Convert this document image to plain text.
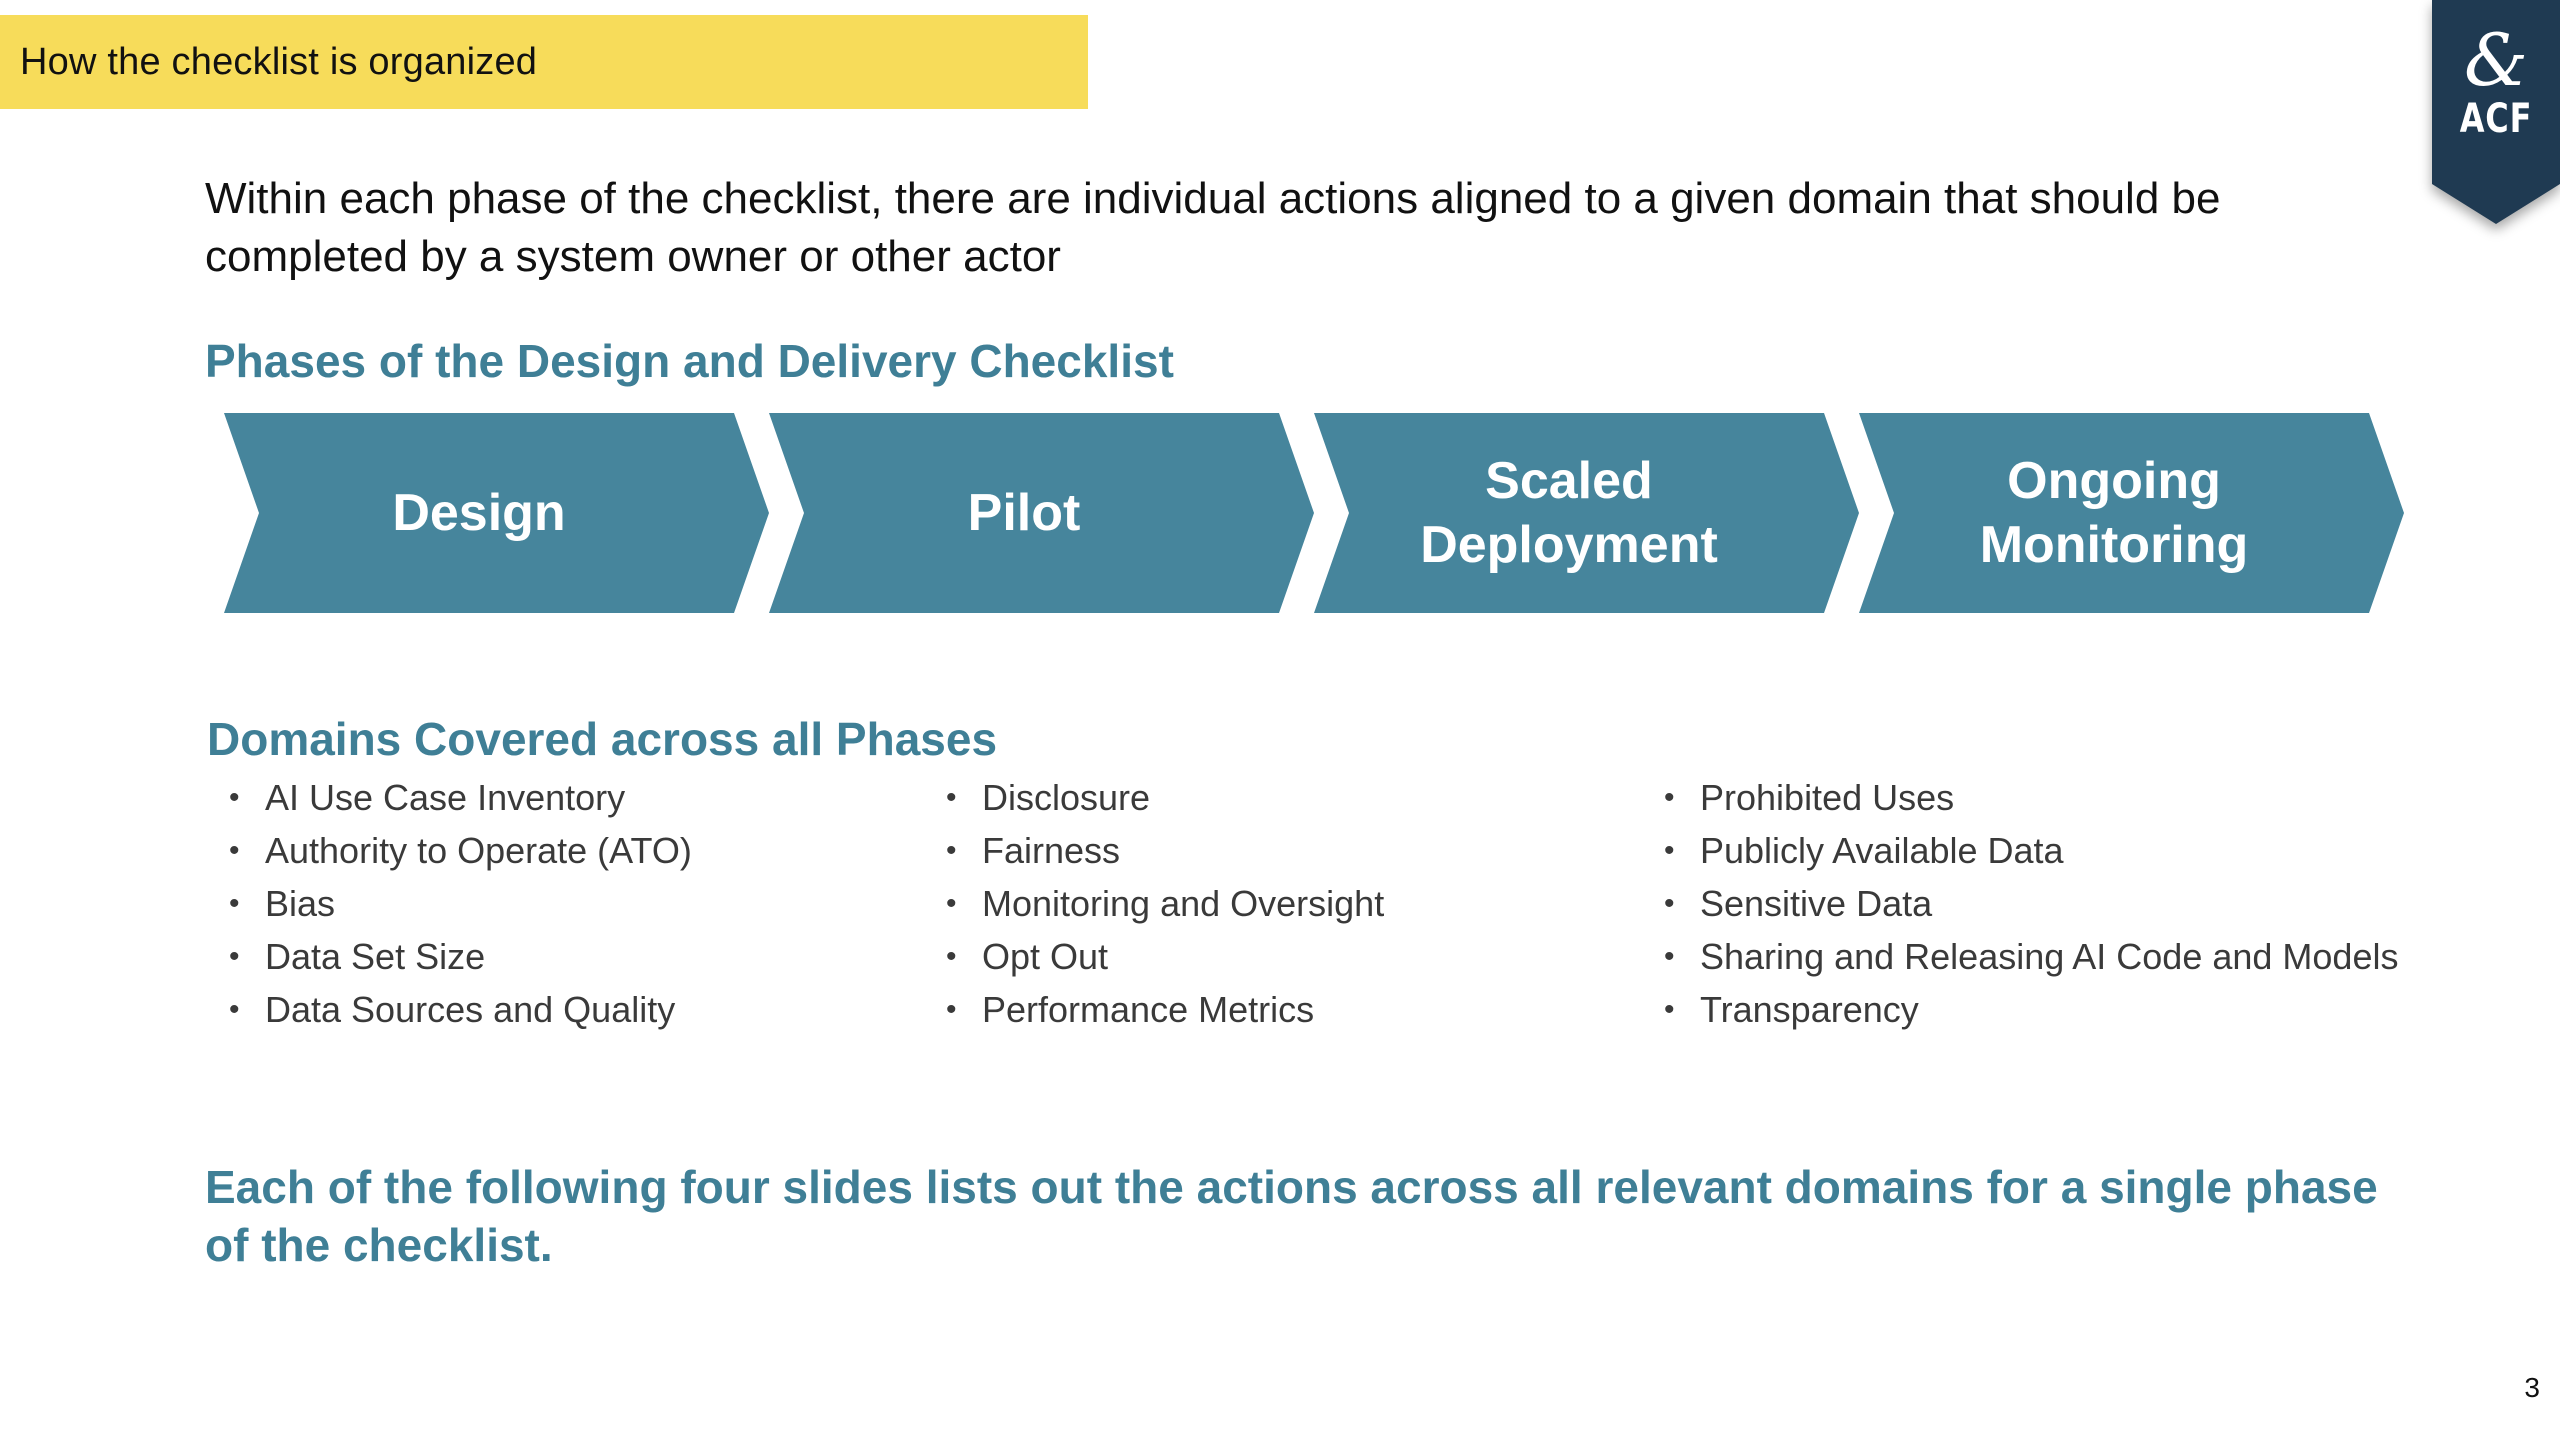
How the checklist is organized	&
ACF
Within each phase of the checklist, there are individual actions aligned to a given domain that should be completed by a system owner or other actor
Phases of the Design and Delivery Checklist
Design	Pilot
Scaled
Deployment
Ongoing
Monitoring
Domains Covered across all Phases
• AI Use Case Inventory
• Authority to Operate (ATO)
• Bias
• Data Set Size
• Data Sources and Quality
• Disclosure
• Fairness
• Monitoring and Oversight
• Opt Out
• Performance Metrics
• Prohibited Uses
• Publicly Available Data
• Sensitive Data
• Sharing and Releasing AI Code and Models
• Transparency
Each of the following four slides lists out the actions across all relevant domains for a single phase of the checklist.
3
